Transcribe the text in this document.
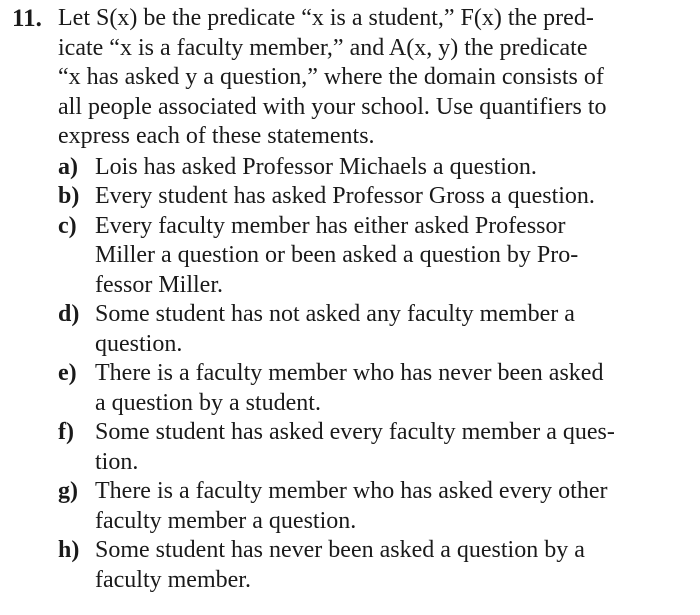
11. Let S(x) be the predicate “x is a student,” F(x) the pred-
icate “x is a faculty member,” and A(x, y) the predicate
“x has asked y a question,” where the domain consists of
all people associated with your school. Use quantifiers to
express each of these statements.
a) Lois has asked Professor Michaels a question.
b) Every student has asked Professor Gross a question.
c) Every faculty member has either asked Professor
Miller a question or been asked a question by Pro-
fessor Miller.
d) Some student has not asked any faculty member a
question.
e) There is a faculty member who has never been asked
a question by a student.
f) Some student has asked every faculty member a ques-
tion.
g) There is a faculty member who has asked every other
faculty member a question.
h) Some student has never been asked a question by a
faculty member.
